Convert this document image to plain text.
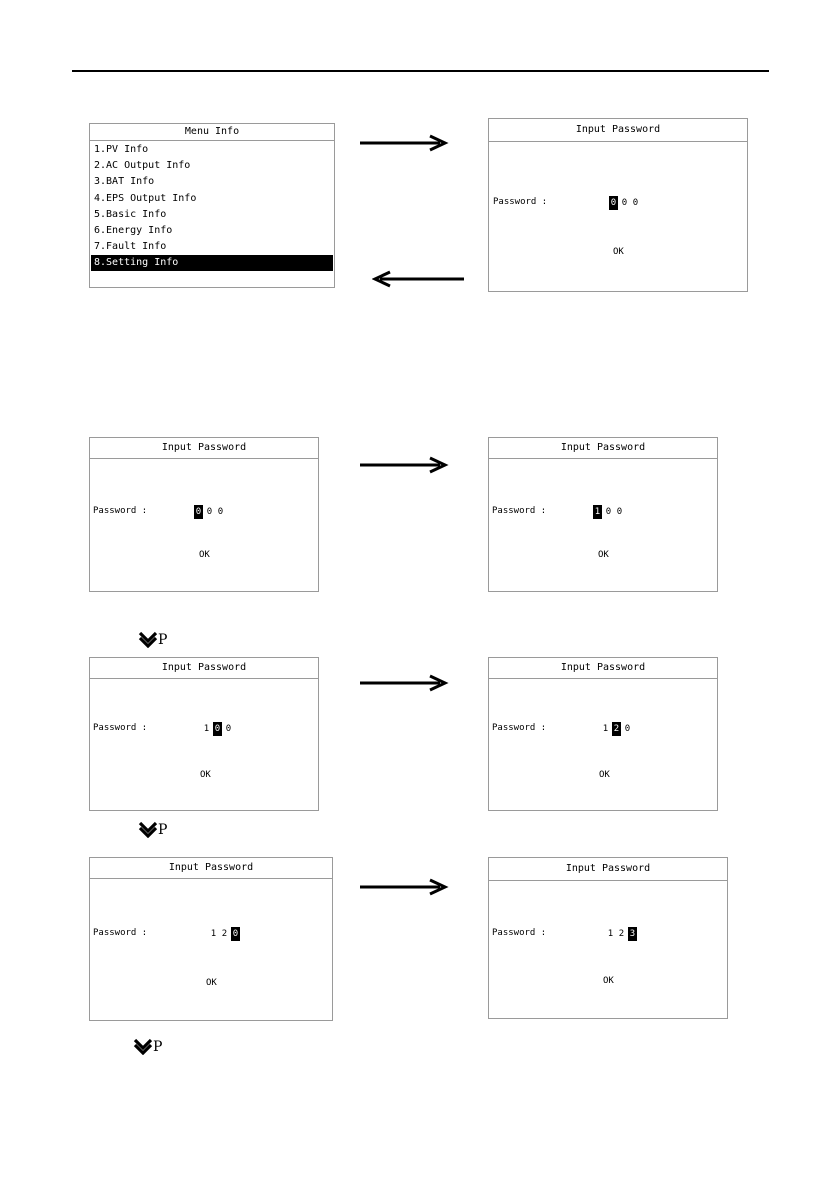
Menu Info
1.PV Info
2.AC Output Info
3.BAT Info
4.EPS Output Info
5.Basic Info
6.Energy Info
7.Fault Info
8.Setting Info
Input Password
Password :	0 0 0
OK
Input Password
Password :	0 0 0
OK
Input Password
Password :	1 0 0
OK
Input Password
Password :	1 0 0
OK
Input Password
Password :	1 2 0
OK
Input Password
Password :	1 2 0
OK
Input Password
Password :	1 2 3
OK
P
P
P
